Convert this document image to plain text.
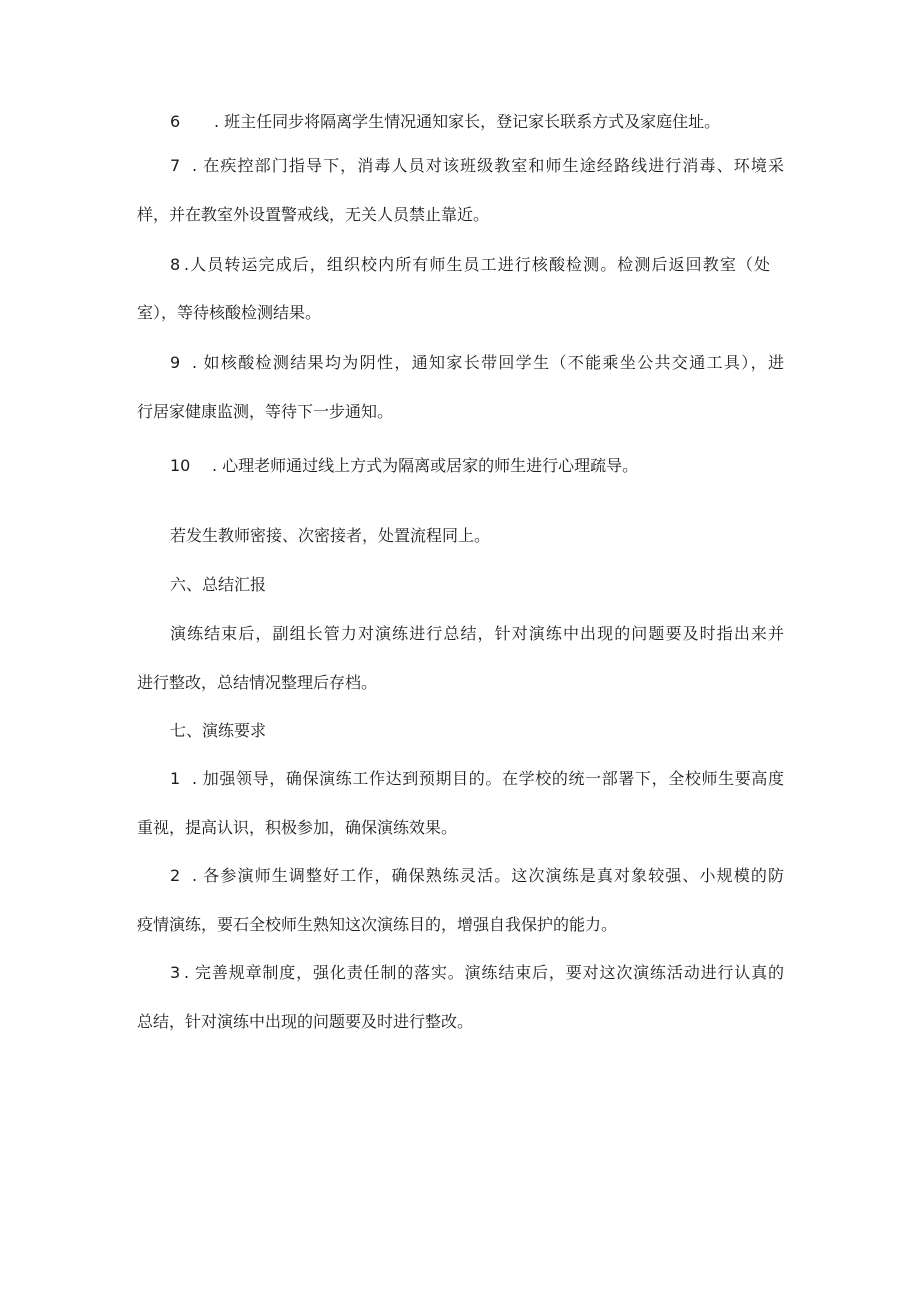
6 . 班主任同步将隔离学生情况通知家长，登记家长联系方式及家庭住址。
7 . 在疾控部门指导下，消毒人员对该班级教室和师生途经路线进行消毒、环境采
样，并在教室外设置警戒线，无关人员禁止靠近。
8 .人员转运完成后，组织校内所有师生员工进行核酸检测。检测后返回教室（处
室），等待核酸检测结果。
9 . 如核酸检测结果均为阴性，通知家长带回学生（不能乘坐公共交通工具），进
行居家健康监测，等待下一步通知。
10 . 心理老师通过线上方式为隔离或居家的师生进行心理疏导。
若发生教师密接、次密接者，处置流程同上。
六、总结汇报
演练结束后，副组长管力对演练进行总结，针对演练中出现的问题要及时指出来并
进行整改，总结情况整理后存档。
七、演练要求
1 . 加强领导，确保演练工作达到预期目的。在学校的统一部署下，全校师生要高度
重视，提高认识，积极参加，确保演练效果。
2 . 各参演师生调整好工作，确保熟练灵活。这次演练是真对象较强、小规模的防
疫情演练，要石全校师生熟知这次演练目的，增强自我保护的能力。
3 . 完善规章制度，强化责任制的落实。演练结束后，要对这次演练活动进行认真的
总结，针对演练中出现的问题要及时进行整改。
